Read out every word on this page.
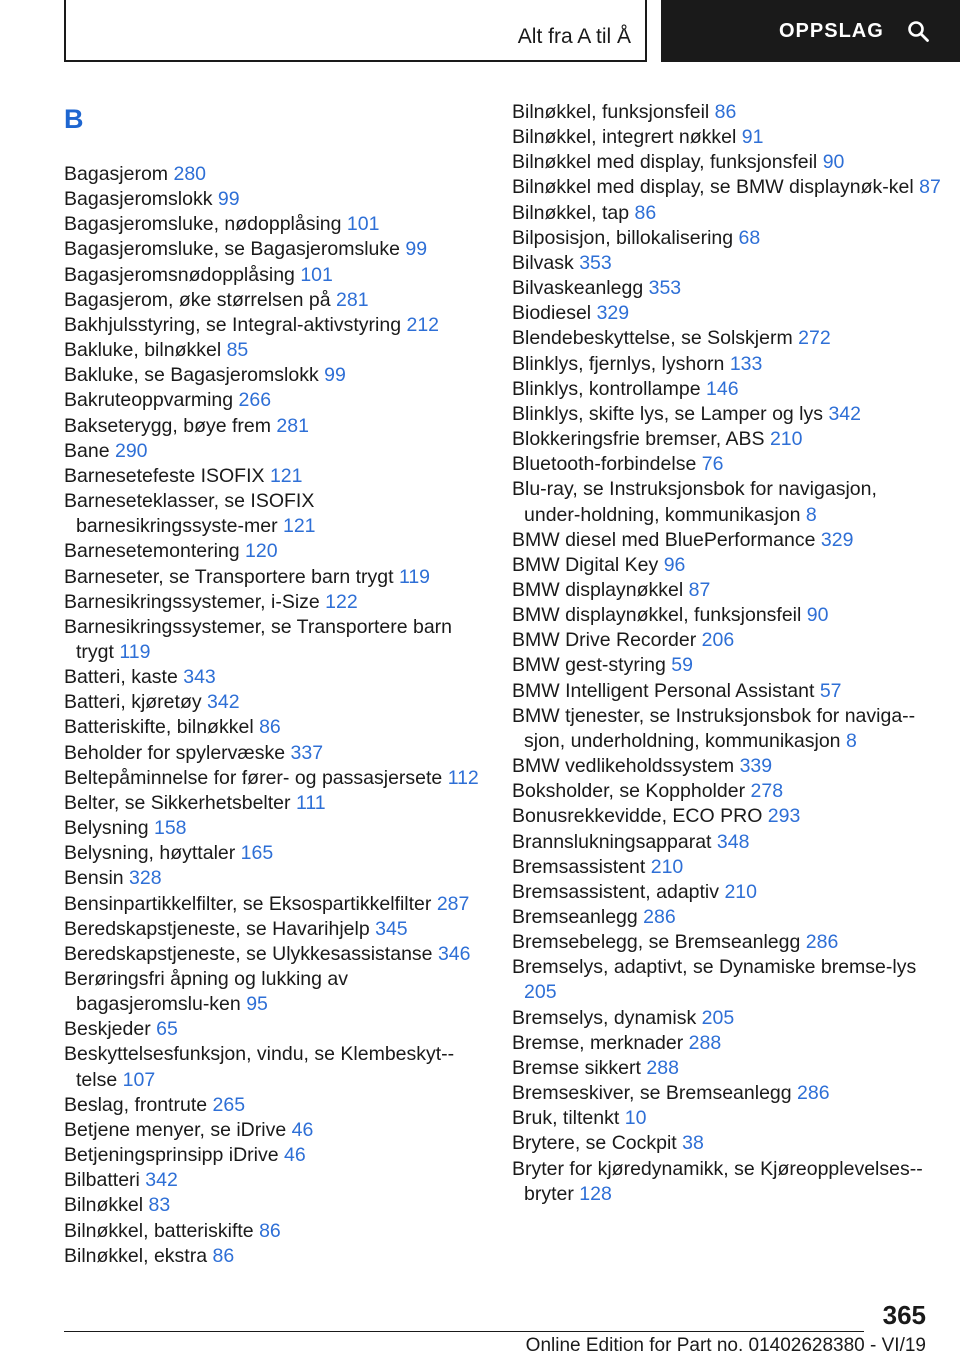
Alt fra A til Å	OPPSLAG
B

Bagasjerom 280

Bagasjeromslokk 99

Bagasjeromsluke, nødopplåsing 101

Bagasjeromsluke, se Bagasjeromsluke 99

Bagasjeromsnødopplåsing 101

Bagasjerom, øke størrelsen på 281

Bakhjulsstyring, se Integral-aktivstyring 212

Bakluke, bilnøkkel 85

Bakluke, se Bagasjeromslokk 99

Bakruteoppvarming 266

Bakseterygg, bøye frem 281

Bane 290

Barnesetefeste ISOFIX 121

Barneseteklasser, se ISOFIX barnesikringssyste-mer 121

Barnesetemontering 120

Barneseter, se Transportere barn trygt 119

Barnesikringssystemer, i-Size 122

Barnesikringssystemer, se Transportere barn trygt 119

Batteri, kaste 343

Batteri, kjøretøy 342

Batteriskifte, bilnøkkel 86

Beholder for spylervæske 337

Beltepåminnelse for fører- og passasjersete 112

Belter, se Sikkerhetsbelter 111

Belysning 158

Belysning, høyttaler 165

Bensin 328

Bensinpartikkelfilter, se Eksospartikkelfilter 287

Beredskapstjeneste, se Havarihjelp 345

Beredskapstjeneste, se Ulykkesassistanse 346

Berøringsfri åpning og lukking av bagasjeromslu-ken 95

Beskjeder 65

Beskyttelsesfunksjon, vindu, se Klembeskyt-telse 107

Beslag, frontrute 265

Betjene menyer, se iDrive 46

Betjeningsprinsipp iDrive 46

Bilbatteri 342

Bilnøkkel 83

Bilnøkkel, batteriskifte 86

Bilnøkkel, ekstra 86

Bilnøkkel, funksjonsfeil 86

Bilnøkkel, integrert nøkkel 91

Bilnøkkel med display, funksjonsfeil 90

Bilnøkkel med display, se BMW displaynøk-kel 87

Bilnøkkel, tap 86

Bilposisjon, billokalisering 68

Bilvask 353

Bilvaskeanlegg 353

Biodiesel 329

Blendebeskyttelse, se Solskjerm 272

Blinklys, fjernlys, lyshorn 133

Blinklys, kontrollampe 146

Blinklys, skifte lys, se Lamper og lys 342

Blokkeringsfrie bremser, ABS 210

Bluetooth-forbindelse 76

Blu-ray, se Instruksjonsbok for navigasjon, under-holdning, kommunikasjon 8

BMW diesel med BluePerformance 329

BMW Digital Key 96

BMW displaynøkkel 87

BMW displaynøkkel, funksjonsfeil 90

BMW Drive Recorder 206

BMW gest-styring 59

BMW Intelligent Personal Assistant 57

BMW tjenester, se Instruksjonsbok for naviga-sjon, underholdning, kommunikasjon 8

BMW vedlikeholdssystem 339

Boksholder, se Koppholder 278

Bonusrekkevidde, ECO PRO 293

Brannslukningsapparat 348

Bremsassistent 210

Bremsassistent, adaptiv 210

Bremseanlegg 286

Bremsebelegg, se Bremseanlegg 286

Bremselys, adaptivt, se Dynamiske bremse-lys 205

Bremselys, dynamisk 205

Bremse, merknader 288

Bremse sikkert 288

Bremseskiver, se Bremseanlegg 286

Bruk, tiltenkt 10

Brytere, se Cockpit 38

Bryter for kjøredynamikk, se Kjøreopplevelses-bryter 128

365
Online Edition for Part no. 01402628380 - VI/19
